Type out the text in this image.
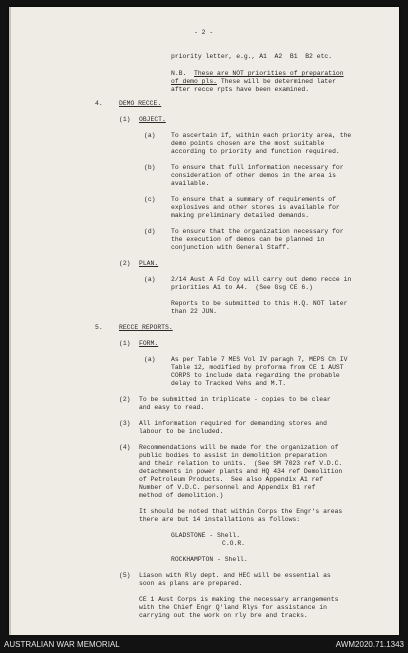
- 2 -

priority letter, e.g., A1  A2  B1  B2 etc.

N.B. These are NOT priorities of preparation

of demo pls. These will be determined later

after recce rpts have been examined.

4.	DEMO RECCE.

(1) OBJECT.

(a) To ascertain if, within each priority area, the

demo points chosen are the most suitable

according to priority and function required.

(b) To ensure that full information necessary for

consideration of other demos in the area is

available.

(c) To ensure that a summary of requirements of

explosives and other stores is available for

making preliminary detailed demands.

(d) To ensure that the organization necessary for

the execution of demos can be planned in

conjunction with General Staff.

(2) PLAN.

(a) 2/14 Aust A Fd Coy will carry out demo recce in

priorities A1 to A4.  (See Gsg CE 6.)

Reports to be submitted to this H.Q. NOT later

than 22 JUN.

5.	RECCE REPORTS.

(1) FORM.

(a) As per Table 7 MES Vol IV paragh 7, MEPS Ch IV

Table 12, modified by proforma from CE 1 AUST

CORPS to include data regarding the probable

delay to Tracked Vehs and M.T.

(2) To be submitted in triplicate - copies to be clear

and easy to read.

(3) All information required for demanding stores and

labour to be included.

(4) Recommendations will be made for the organization of

public bodies to assist in demolition preparation

and their relation to units.  (See SM 7023 ref V.D.C.

detachments in power plants and HQ 434 ref Demolition

of Petroleum Products.  See also Appendix A1 ref

Number of V.D.C. personnel and Appendix B1 ref

method of demolition.)

It should be noted that within Corps the Engr's areas

there are but 14 installations as follows:

GLADSTONE - Shell.

C.O.R.

ROCKHAMPTON - Shell.

(5) Liason with Rly dept. and HEC will be essential as

soon as plans are prepared.

CE 1 Aust Corps is making the necessary arrangements

with the Chief Engr Q'land Rlys for assistance in

carrying out the work on rly bre and tracks.

AUSTRALIAN WAR MEMORIAL	AWM2020.71.1343
